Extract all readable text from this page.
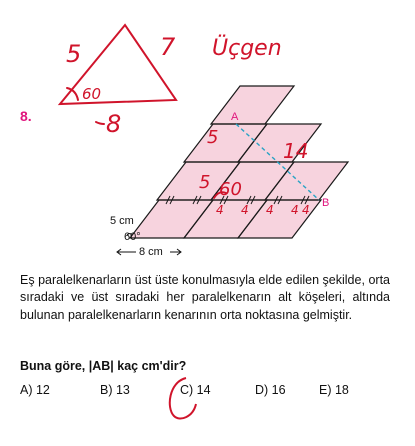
5	7
60
8
Üçgen
A
B
5 cm
60°
8 cm
5
14
5 60
4 4 4 4 4
8.
Eş paralelkenarların üst üste konulmasıyla elde edilen şekilde, orta sıradaki ve üst sıradaki her paralelkenarın alt köşeleri, altında bulunan paralelkenarların kenarının orta noktasına gelmiştir.
Buna göre, |AB| kaç cm'dir?
A) 12	B) 13	C) 14	D) 16	E) 18
